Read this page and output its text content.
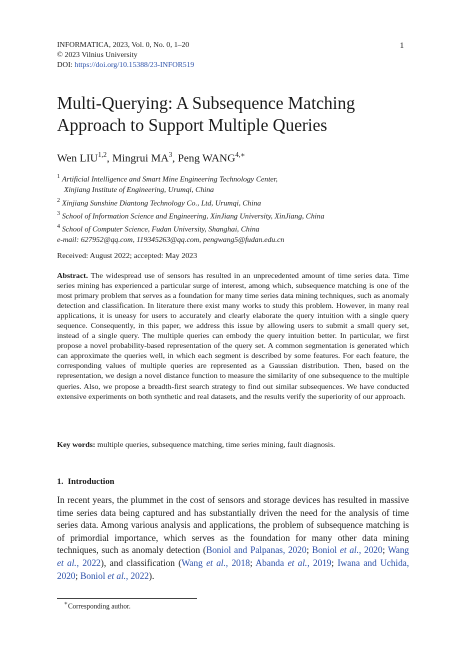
INFORMATICA, 2023, Vol. 0, No. 0, 1–20
© 2023 Vilnius University
DOI: https://doi.org/10.15388/23-INFOR519
1
Multi-Querying: A Subsequence Matching
Approach to Support Multiple Queries
Wen LIU$^{1,2}$, Mingrui $MA^3$, Peng $WANG^{4,∗}$
$^1$ Artificial Intelligence and Smart Mine Engineering Technology Center,
Xinjiang Institute of Engineering, Urumqi, China
$^2$ Xinjiang Sunshine Diantong Technology Co., Ltd, Urumqi, China
$^3$ School of Information Science and Engineering, XinJiang University, XinJiang, China
$^4$ School of Computer Science, Fudan University, Shanghai, China
e-mail: 627952@qq.com, 119345263@qq.com, pengwang5@fudan.edu.cn
Received: August 2022; accepted: May 2023
Abstract. The widespread use of sensors has resulted in an unprecedented amount of time series data. Time series mining has experienced a particular surge of interest, among which, subsequence matching is one of the most primary problem that serves as a foundation for many time series data mining techniques, such as anomaly detection and classification. In literature there exist many works to study this problem. However, in many real applications, it is uneasy for users to accurately and clearly elaborate the query intuition with a single query sequence. Consequently, in this paper, we address this issue by allowing users to submit a small query set, instead of a single query. The multiple queries can embody the query intuition better. In particular, we first propose a novel probability-based representation of the query set. A common segmentation is generated which can approximate the queries well, in which each segment is described by some features. For each feature, the corresponding values of multiple queries are represented as a Gaussian distribution. Then, based on the representation, we design a novel distance function to measure the similarity of one subsequence to the multiple queries. Also, we propose a breadth-first search strategy to find out similar subsequences. We have conducted extensive experiments on both synthetic and real datasets, and the results verify the superiority of our approach.
Key words: multiple queries, subsequence matching, time series mining, fault diagnosis.
1. Introduction
In recent years, the plummet in the cost of sensors and storage devices has resulted in massive time series data being captured and has substantially driven the need for the analysis of time series data. Among various analysis and applications, the problem of subsequence matching is of primordial importance, which serves as the foundation for many other data mining techniques, such as anomaly detection (Boniol and Palpanas, 2020; Boniol et al., 2020; Wang et al., 2022), and classification (Wang et al., 2018; Abanda et al., 2019; Iwana and Uchida, 2020; Boniol et al., 2022).
∗Corresponding author.
